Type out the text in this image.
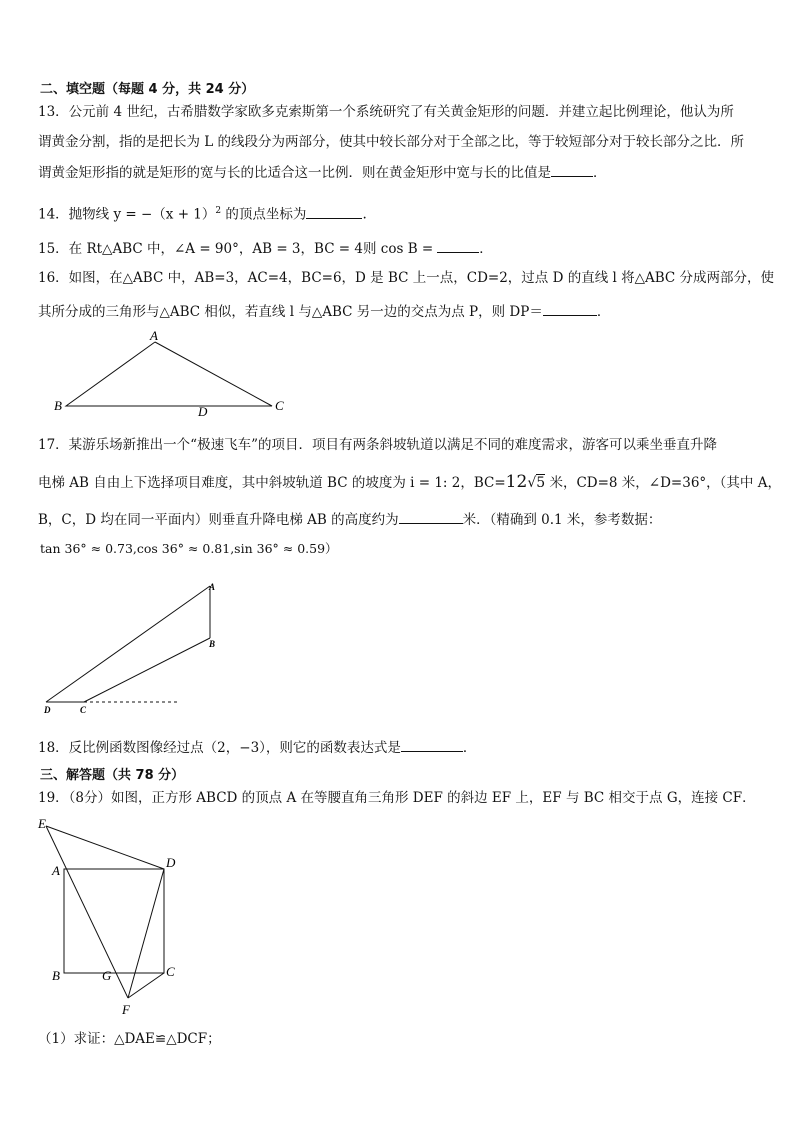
二、填空题（每题 4 分，共 24 分）
13．公元前 4 世纪，古希腊数学家欧多克索斯第一个系统研究了有关黄金矩形的问题．并建立起比例理论，他认为所
谓黄金分割，指的是把长为 L 的线段分为两部分，使其中较长部分对于全部之比，等于较短部分对于较长部分之比．所
谓黄金矩形指的就是矩形的宽与长的比适合这一比例．则在黄金矩形中宽与长的比值是	．
14．抛物线 $y = -(x + 1)^2$ 的顶点坐标为	.
15．在 Rt△ABC 中，∠A = 90°，AB = 3，BC = 4则 cos B =	．
16．如图，在△ABC 中，AB=3，AC=4，BC=6，D 是 BC 上一点，CD=2，过点 D 的直线 l 将△ABC 分成两部分，使
其所分成的三角形与△ABC 相似，若直线 l 与△ABC 另一边的交点为点 P，则 DP＝	．
A
B	C
D
17．某游乐场新推出一个“极速飞车”的项目．项目有两条斜坡轨道以满足不同的难度需求，游客可以乘坐垂直升降
电梯 AB 自由上下选择项目难度，其中斜坡轨道 BC 的坡度为 i = 1: 2，BC=12√5 米，CD=8 米，∠D=36°，（其中 A，
B，C，D 均在同一平面内）则垂直升降电梯 AB 的高度约为	米．（精确到 0.1 米，参考数据：
tan 36° ≈ 0.73,cos 36° ≈ 0.81,sin 36° ≈ 0.59）
A
B
C
D
18．反比例函数图像经过点（2，−3），则它的函数表达式是	．
三、解答题（共 78 分）
19．（8分）如图，正方形 ABCD 的顶点 A 在等腰直角三角形 DEF 的斜边 EF 上，EF 与 BC 相交于点 G，连接 CF．
E
A
D
B	G	C
F
（1）求证：△DAE≌△DCF；
